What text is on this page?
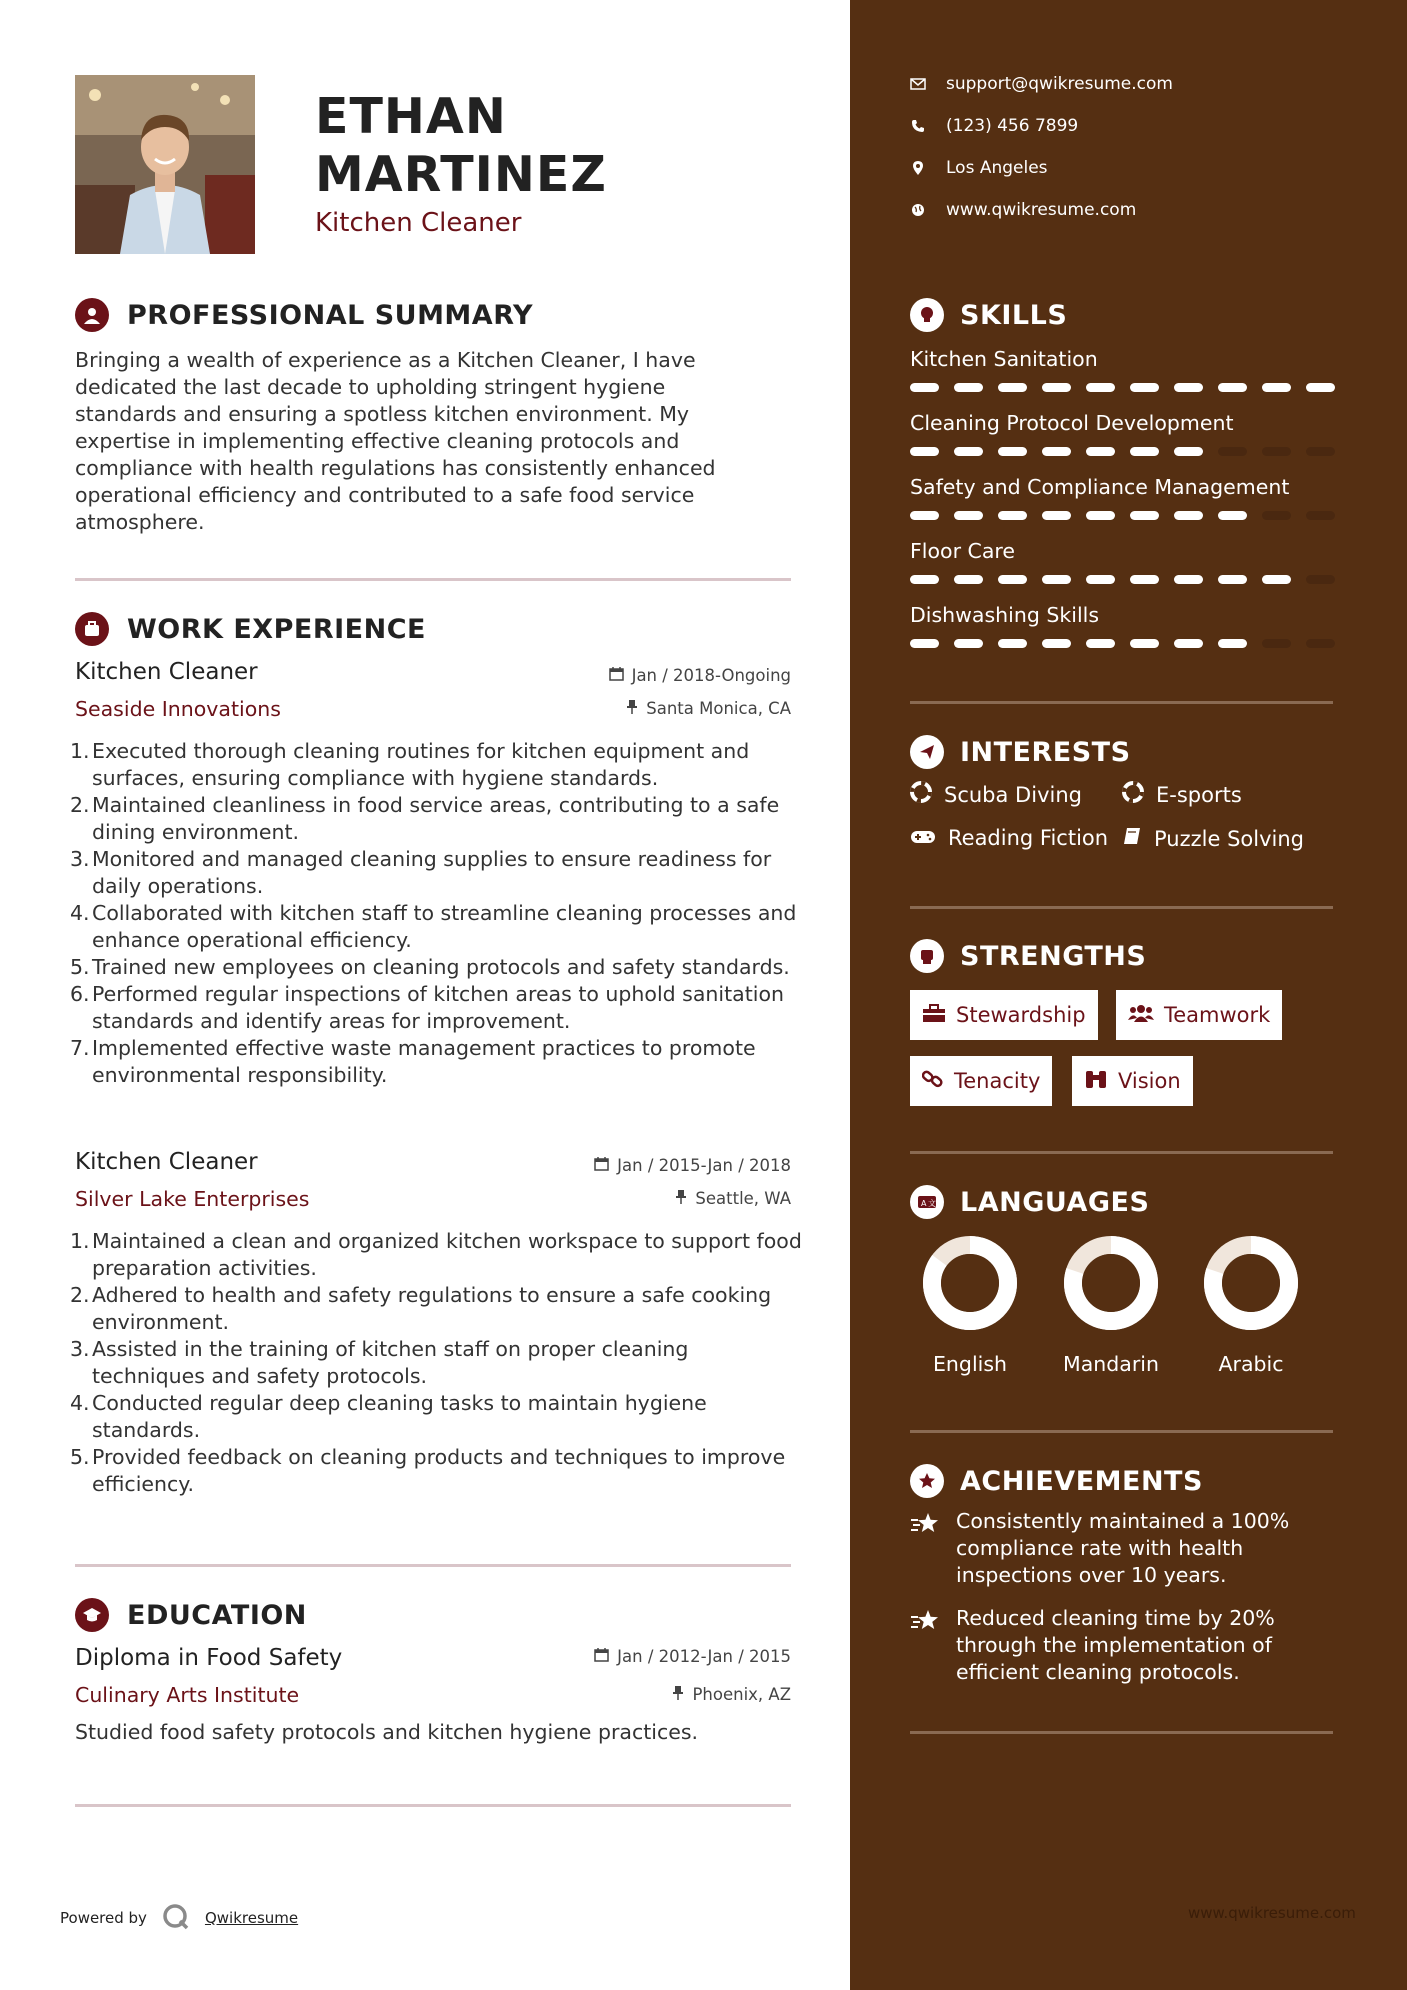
ETHAN
MARTINEZ
Kitchen Cleaner
PROFESSIONAL SUMMARY
Bringing a wealth of experience as a Kitchen Cleaner, I have dedicated the last decade to upholding stringent hygiene standards and ensuring a spotless kitchen environment. My expertise in implementing effective cleaning protocols and compliance with health regulations has consistently enhanced operational efficiency and contributed to a safe food service atmosphere.
WORK EXPERIENCE
Kitchen Cleaner
Seaside Innovations
Jan / 2018-Ongoing
Santa Monica, CA
1. Executed thorough cleaning routines for kitchen equipment and surfaces, ensuring compliance with hygiene standards.
2. Maintained cleanliness in food service areas, contributing to a safe dining environment.
3. Monitored and managed cleaning supplies to ensure readiness for daily operations.
4. Collaborated with kitchen staff to streamline cleaning processes and enhance operational efficiency.
5. Trained new employees on cleaning protocols and safety standards.
6. Performed regular inspections of kitchen areas to uphold sanitation standards and identify areas for improvement.
7. Implemented effective waste management practices to promote environmental responsibility.
Kitchen Cleaner
Silver Lake Enterprises
Jan / 2015-Jan / 2018
Seattle, WA
1. Maintained a clean and organized kitchen workspace to support food preparation activities.
2. Adhered to health and safety regulations to ensure a safe cooking environment.
3. Assisted in the training of kitchen staff on proper cleaning techniques and safety protocols.
4. Conducted regular deep cleaning tasks to maintain hygiene standards.
5. Provided feedback on cleaning products and techniques to improve efficiency.
EDUCATION
Diploma in Food Safety
Culinary Arts Institute
Jan / 2012-Jan / 2015
Phoenix, AZ
Studied food safety protocols and kitchen hygiene practices.
Powered by	Qwikresume
support@qwikresume.com
(123) 456 7899
Los Angeles
www.qwikresume.com
SKILLS
Kitchen Sanitation
Cleaning Protocol Development
Safety and Compliance Management
Floor Care
Dishwashing Skills
INTERESTS
Scuba Diving	E-sports
Reading Fiction Puzzle Solving
STRENGTHS
Stewardship	Teamwork
Tenacity	Vision
A 文 LANGUAGES
English	Mandarin	Arabic
ACHIEVEMENTS
Consistently maintained a 100% compliance rate with health inspections over 10 years.
Reduced cleaning time by 20% through the implementation of efficient cleaning protocols.
www.qwikresume.com
